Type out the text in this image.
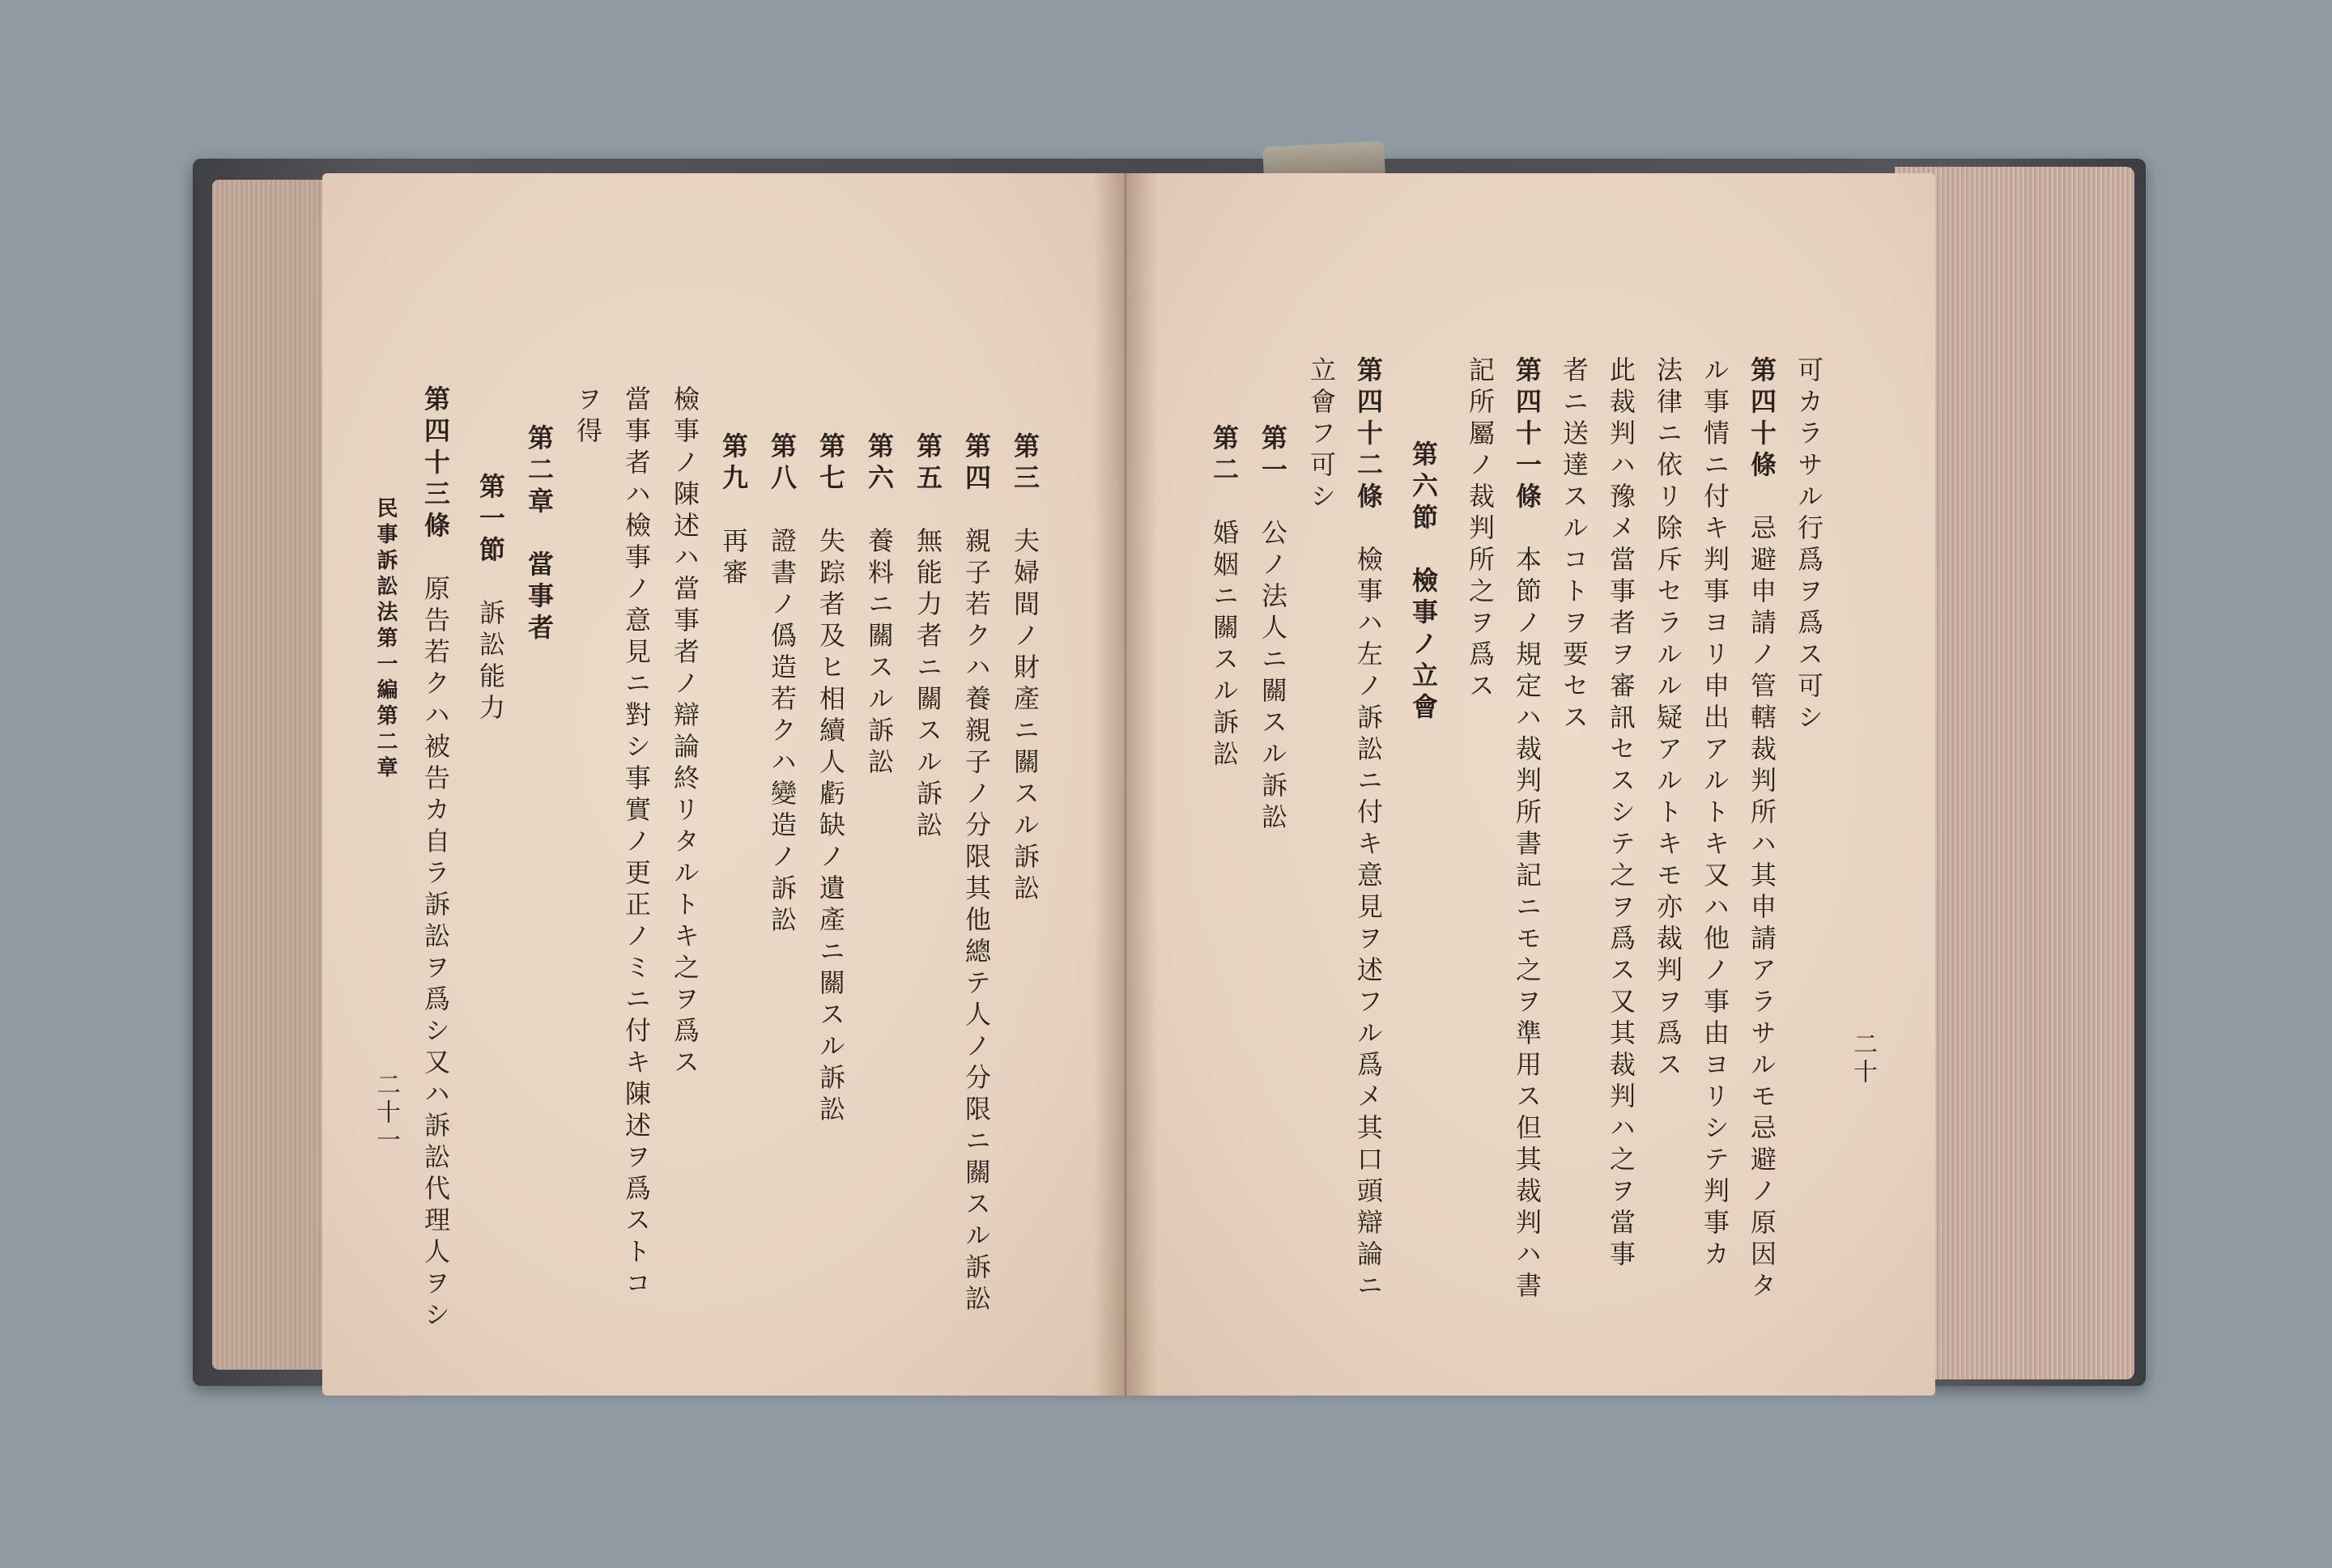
第三　夫婦間ノ財產ニ關スル訴訟
第四　親子若クハ養親子ノ分限其他總テ人ノ分限ニ關スル訴訟
第五　無能力者ニ關スル訴訟
第六　養料ニ關スル訴訟
第七　失踪者及ヒ相續人虧缺ノ遺產ニ關スル訴訟
第八　證書ノ僞造若クハ變造ノ訴訟
第九　再審
檢事ノ陳述ハ當事者ノ辯論終リタルトキ之ヲ爲ス
當事者ハ檢事ノ意見ニ對シ事實ノ更正ノミニ付キ陳述ヲ爲ストコ
ヲ得
第二章　當事者
第一節　訴訟能力
第四十三條　原告若クハ被告カ自ラ訴訟ヲ爲シ又ハ訴訟代理人ヲシ
民事訴訟法第一編第二章
二十一
二十
可カラサル行爲ヲ爲ス可シ
第四十條　忌避申請ノ管轄裁判所ハ其申請アラサルモ忌避ノ原因タ
ル事情ニ付キ判事ヨリ申出アルトキ又ハ他ノ事由ヨリシテ判事カ
法律ニ依リ除斥セラルル疑アルトキモ亦裁判ヲ爲ス
此裁判ハ豫メ當事者ヲ審訊セスシテ之ヲ爲ス又其裁判ハ之ヲ當事
者ニ送達スルコトヲ要セス
第四十一條　本節ノ規定ハ裁判所書記ニモ之ヲ準用ス但其裁判ハ書
記所屬ノ裁判所之ヲ爲ス
第六節　檢事ノ立會
第四十二條　檢事ハ左ノ訴訟ニ付キ意見ヲ述フル爲メ其口頭辯論ニ
立會フ可シ
第一　公ノ法人ニ關スル訴訟
第二　婚姻ニ關スル訴訟
